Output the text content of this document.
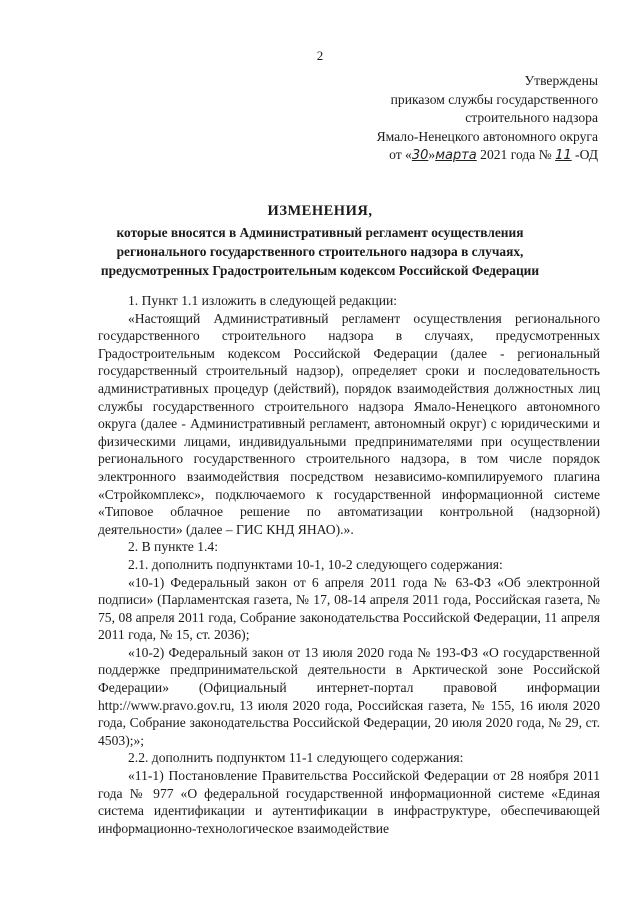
2
Утверждены
приказом службы государственного
строительного надзора
Ямало-Ненецкого автономного округа
от «30»марта 2021 года № 11 -ОД
ИЗМЕНЕНИЯ,
которые вносятся в Административный регламент осуществления регионального государственного строительного надзора в случаях, предусмотренных Градостроительным кодексом Российской Федерации

1. Пункт 1.1 изложить в следующей редакции:

«Настоящий Административный регламент осуществления регионального государственного строительного надзора в случаях, предусмотренных Градостроительным кодексом Российской Федерации (далее - региональный государственный строительный надзор), определяет сроки и последовательность административных процедур (действий), порядок взаимодействия должностных лиц службы государственного строительного надзора Ямало-Ненецкого автономного округа (далее - Административный регламент, автономный округ) с юридическими и физическими лицами, индивидуальными предпринимателями при осуществлении регионального государственного строительного надзора, в том числе порядок электронного взаимодействия посредством независимо-компилируемого плагина «Стройкомплекс», подключаемого к государственной информационной системе «Типовое облачное решение по автоматизации контрольной (надзорной) деятельности» (далее – ГИС КНД ЯНАО).».

2. В пункте 1.4:

2.1. дополнить подпунктами 10-1, 10-2 следующего содержания:

«10-1) Федеральный закон от 6 апреля 2011 года № 63-ФЗ «Об электронной подписи» (Парламентская газета, № 17, 08-14 апреля 2011 года, Российская газета, № 75, 08 апреля 2011 года, Собрание законодательства Российской Федерации, 11 апреля 2011 года, № 15, ст. 2036);

«10-2) Федеральный закон от 13 июля 2020 года № 193-ФЗ «О государственной поддержке предпринимательской деятельности в Арктической зоне Российской Федерации» (Официальный интернет-портал правовой информации http://www.pravo.gov.ru, 13 июля 2020 года, Российская газета, № 155, 16 июля 2020 года, Собрание законодательства Российской Федерации, 20 июля 2020 года, № 29, ст. 4503);»;

2.2. дополнить подпунктом 11-1 следующего содержания:

«11-1) Постановление Правительства Российской Федерации от 28 ноября 2011 года № 977 «О федеральной государственной информационной системе «Единая система идентификации и аутентификации в инфраструктуре, обеспечивающей информационно-технологическое взаимодействие
